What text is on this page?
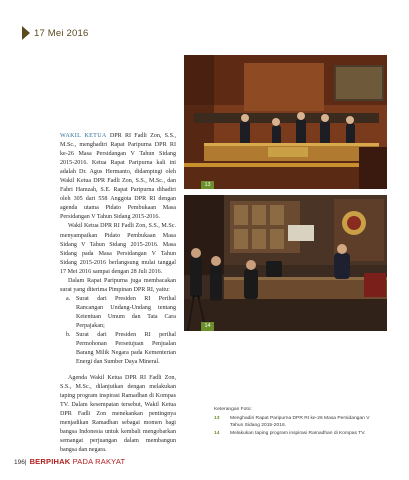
17 Mei 2016
13
14

WAKIL KETUA DPR RI Fadli Zon, S.S., M.Sc., menghadiri Rapat Paripurna DPR RI ke-26 Masa Persidangan V Tahun Sidang 2015-2016. Ketua Rapat Paripurna kali ini adalah Dr. Agus Hermanto, didampingi oleh Wakil Ketua DPR Fadli Zon, S.S., M.Sc., dan Fahri Hamzah, S.E. Rapat Paripurna dihadiri oleh 305 dari 558 Anggota DPR RI dengan agenda utama Pidato Pembukaan Masa Persidangan V Tahun Sidang 2015-2016.

Wakil Ketua DPR RI Fadli Zon, S.S., M.Sc. menyampaikan Pidato Pembukaan Masa Sidang V Tahun Sidang 2015-2016. Masa Sidang pada Masa Persidangan V Tahun Sidang 2015-2016 berlangsung mulai tanggal 17 Mei 2016 sampai dengan 28 Juli 2016.

Dalam Rapat Paripurna juga membacakan surat yang diterima Pimpinan DPR RI, yaitu:

a. Surat dari Presiden RI Perihal Rancangan Undang-Undang tentang Ketentuan Umum dan Tata Cara Perpajakan;
b. Surat dari Presiden RI perihal Permohonan Persetujuan Penjualan Barang Milik Negara pada Kementerian Energi dan Sumber Daya Mineral.

Agenda Wakil Ketua DPR RI Fadli Zon, S.S., M.Sc., dilanjutkan dengan melakukan taping program inspirasi Ramadhan di Kompas TV. Dalam kesempatan tersebut, Wakil Ketua DPR Fadli Zon menekankan pentingnya menjadikan Ramadhan sebagai momen bagi bangsa Indonesia untuk kembali mengobarkan semangat perjuangan dalam membangun bangsa dan negara.

Keterangan Foto:
13 Menghadiri Rapat Paripurna DPR RI ke-26 Masa Persidangan V Tahun Sidang 2015-2016.
14 Melakukan taping program inspirasi Ramadhan di Kompas TV.
196 | BERPIHAK PADA RAKYAT
